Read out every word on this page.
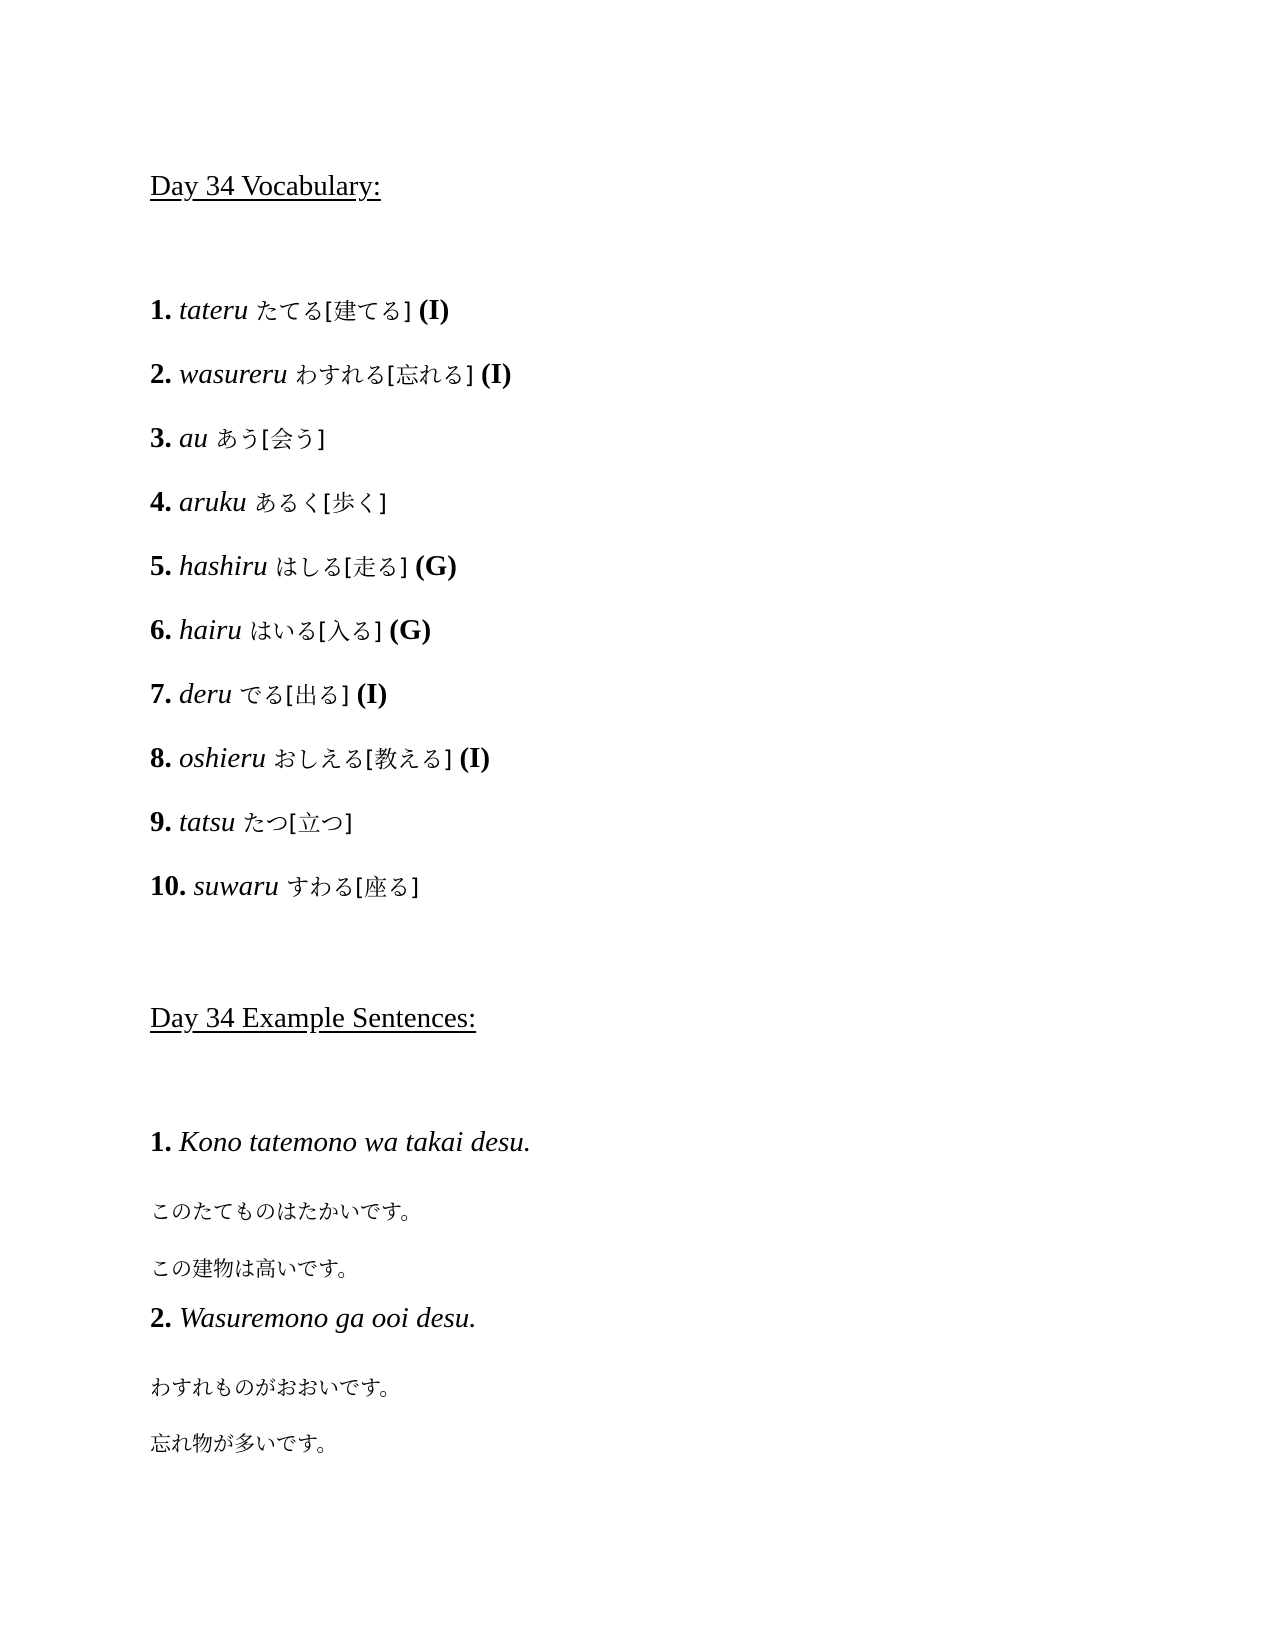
Day 34 Vocabulary:
1. tateru たてる[建てる] (I)
2. wasureru わすれる[忘れる] (I)
3. au あう[会う]
4. aruku あるく[歩く]
5. hashiru はしる[走る] (G)
6. hairu はいる[入る] (G)
7. deru でる[出る] (I)
8. oshieru おしえる[教える] (I)
9. tatsu たつ[立つ]
10. suwaru すわる[座る]
Day 34 Example Sentences:
1. Kono tatemono wa takai desu.
このたてものはたかいです。
この建物は高いです。
2. Wasuremono ga ooi desu.
わすれものがおおいです。
忘れ物が多いです。
